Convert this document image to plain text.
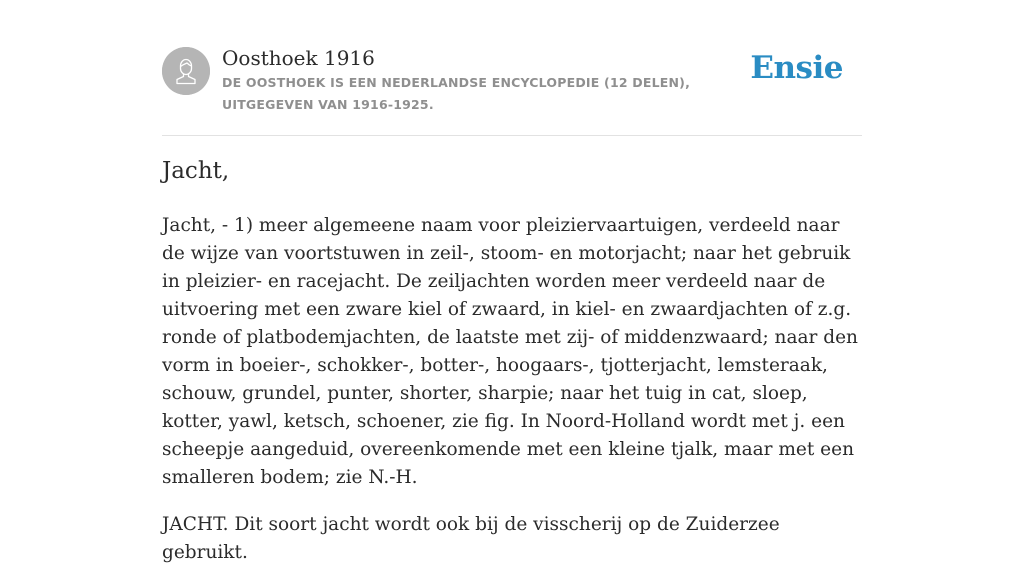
Oosthoek 1916
DE OOSTHOEK IS EEN NEDERLANDSE ENCYCLOPEDIE (12 DELEN), UITGEGEVEN VAN 1916-1925.
Ensie
Jacht,

Jacht, - 1) meer algemeene naam voor pleiziervaartuigen, verdeeld naar de wijze van voortstuwen in zeil-, stoom- en motorjacht; naar het gebruik in pleizier- en racejacht. De zeiljachten worden meer verdeeld naar de uitvoering met een zware kiel of zwaard, in kiel- en zwaardjachten of z.g. ronde of platbodemjachten, de laatste met zij- of middenzwaard; naar den vorm in boeier-, schokker-, botter-, hoogaars-, tjotterjacht, lemsteraak, schouw, grundel, punter, shorter, sharpie; naar het tuig in cat, sloep, kotter, yawl, ketsch, schoener, zie fig. In Noord-Holland wordt met j. een scheepje aangeduid, overeenkomende met een kleine tjalk, maar met een smalleren bodem; zie N.-H.

JACHT. Dit soort jacht wordt ook bij de visscherij op de Zuiderzee gebruikt.
